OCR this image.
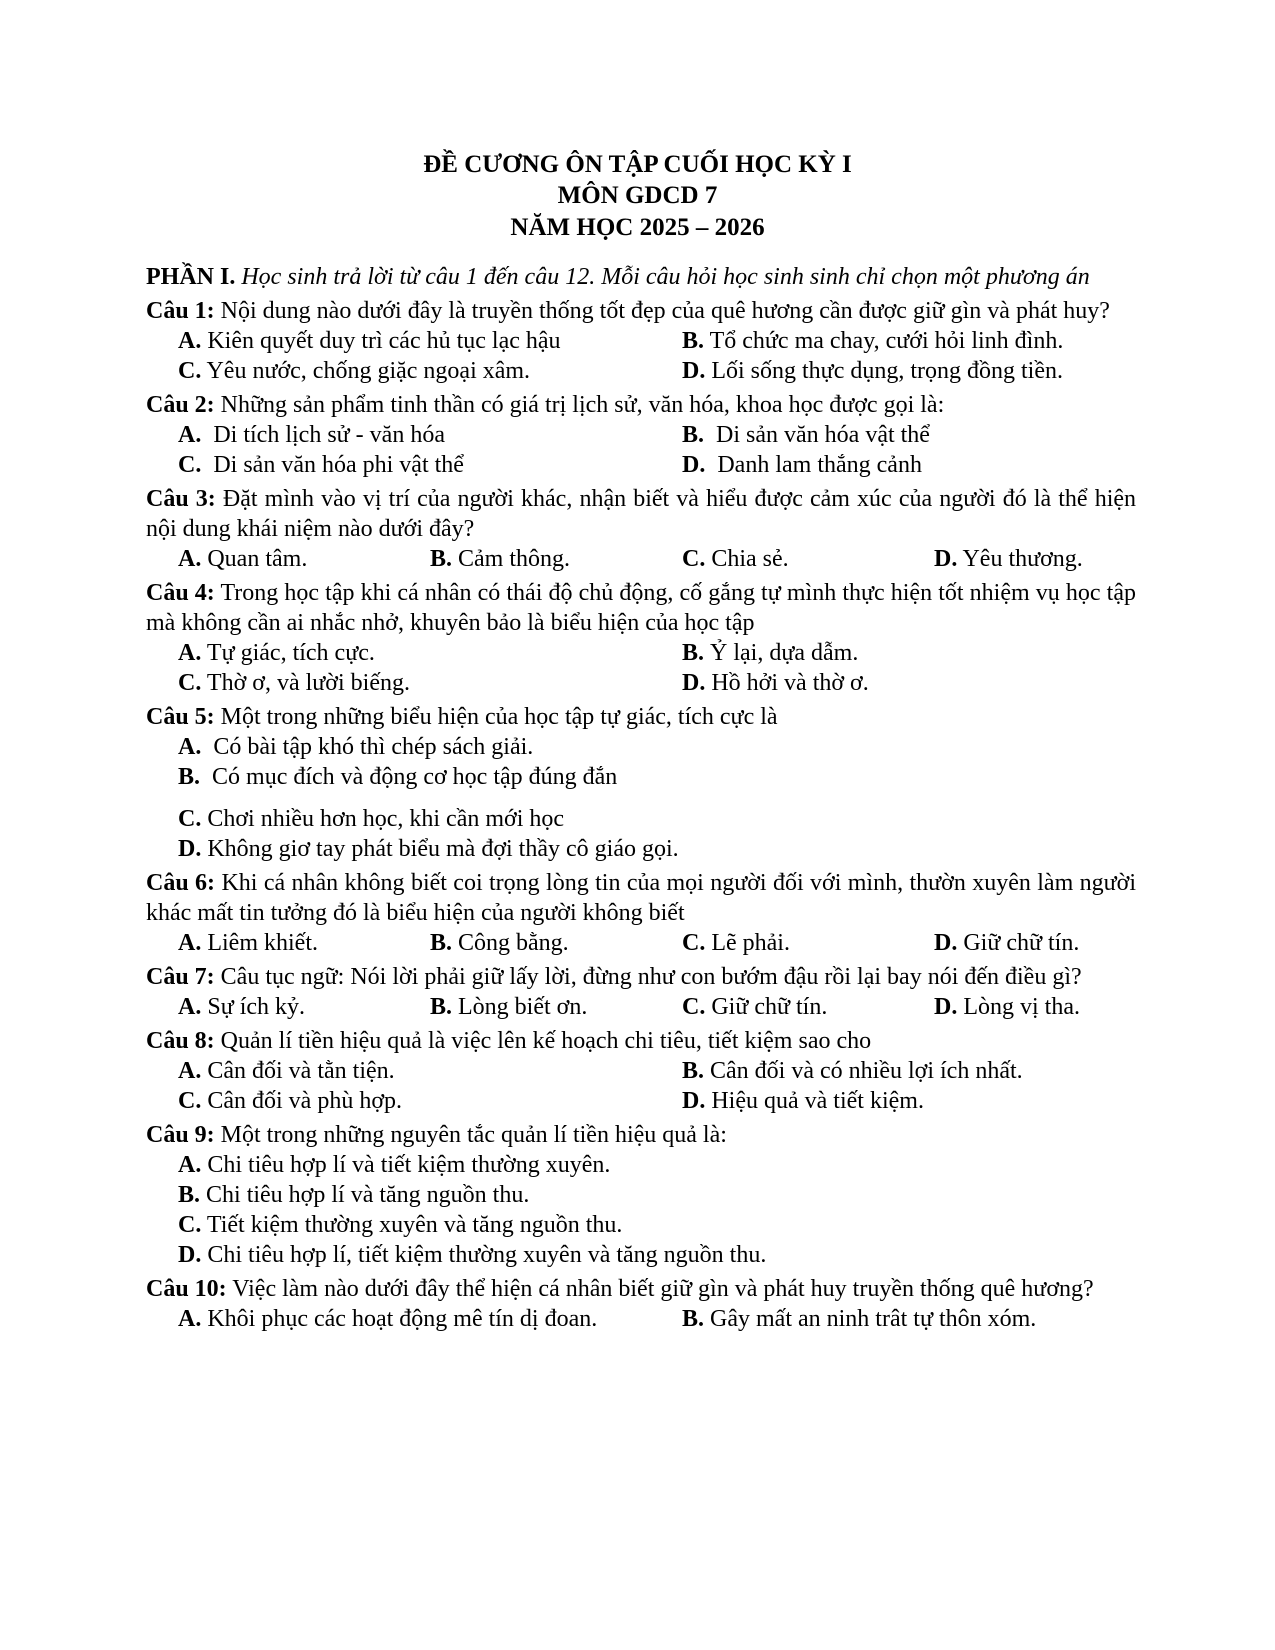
ĐỀ CƯƠNG ÔN TẬP CUỐI HỌC KỲ I
MÔN GDCD 7
NĂM HỌC 2025 – 2026

PHẦN I. Học sinh trả lời từ câu 1 đến câu 12. Mỗi câu hỏi học sinh sinh chỉ chọn một phương án

Câu 1: Nội dung nào dưới đây là truyền thống tốt đẹp của quê hương cần được giữ gìn và phát huy?

A. Kiên quyết duy trì các hủ tục lạc hậu	B. Tổ chức ma chay, cưới hỏi linh đình.
C. Yêu nước, chống giặc ngoại xâm.	D. Lối sống thực dụng, trọng đồng tiền.

Câu 2: Những sản phẩm tinh thần có giá trị lịch sử, văn hóa, khoa học được gọi là:

A. Di tích lịch sử - văn hóa	B. Di sản văn hóa vật thể
C. Di sản văn hóa phi vật thể	D. Danh lam thắng cảnh

Câu 3: Đặt mình vào vị trí của người khác, nhận biết và hiểu được cảm xúc của người đó là thể hiện nội dung khái niệm nào dưới đây?

A. Quan tâm.	B. Cảm thông.	C. Chia sẻ.	D. Yêu thương.

Câu 4: Trong học tập khi cá nhân có thái độ chủ động, cố gắng tự mình thực hiện tốt nhiệm vụ học tập mà không cần ai nhắc nhở, khuyên bảo là biểu hiện của học tập

A. Tự giác, tích cực.	B. Ỷ lại, dựa dẫm.
C. Thờ ơ, và lười biếng.	D. Hồ hởi và thờ ơ.

Câu 5: Một trong những biểu hiện của học tập tự giác, tích cực là

A. Có bài tập khó thì chép sách giải.
B. Có mục đích và động cơ học tập đúng đắn
C. Chơi nhiều hơn học, khi cần mới học
D. Không giơ tay phát biểu mà đợi thầy cô giáo gọi.

Câu 6: Khi cá nhân không biết coi trọng lòng tin của mọi người đối với mình, thườn xuyên làm người khác mất tin tưởng đó là biểu hiện của người không biết

A. Liêm khiết.	B. Công bằng.	C. Lẽ phải.	D. Giữ chữ tín.

Câu 7: Câu tục ngữ: Nói lời phải giữ lấy lời, đừng như con bướm đậu rồi lại bay nói đến điều gì?

A. Sự ích kỷ.	B. Lòng biết ơn.	C. Giữ chữ tín.	D. Lòng vị tha.

Câu 8: Quản lí tiền hiệu quả là việc lên kế hoạch chi tiêu, tiết kiệm sao cho

A. Cân đối và tằn tiện.	B. Cân đối và có nhiều lợi ích nhất.
C. Cân đối và phù hợp.	D. Hiệu quả và tiết kiệm.

Câu 9: Một trong những nguyên tắc quản lí tiền hiệu quả là:

A. Chi tiêu hợp lí và tiết kiệm thường xuyên.
B. Chi tiêu hợp lí và tăng nguồn thu.
C. Tiết kiệm thường xuyên và tăng nguồn thu.
D. Chi tiêu hợp lí, tiết kiệm thường xuyên và tăng nguồn thu.

Câu 10: Việc làm nào dưới đây thể hiện cá nhân biết giữ gìn và phát huy truyền thống quê hương?

A. Khôi phục các hoạt động mê tín dị đoan.	B. Gây mất an ninh trât tự thôn xóm.
